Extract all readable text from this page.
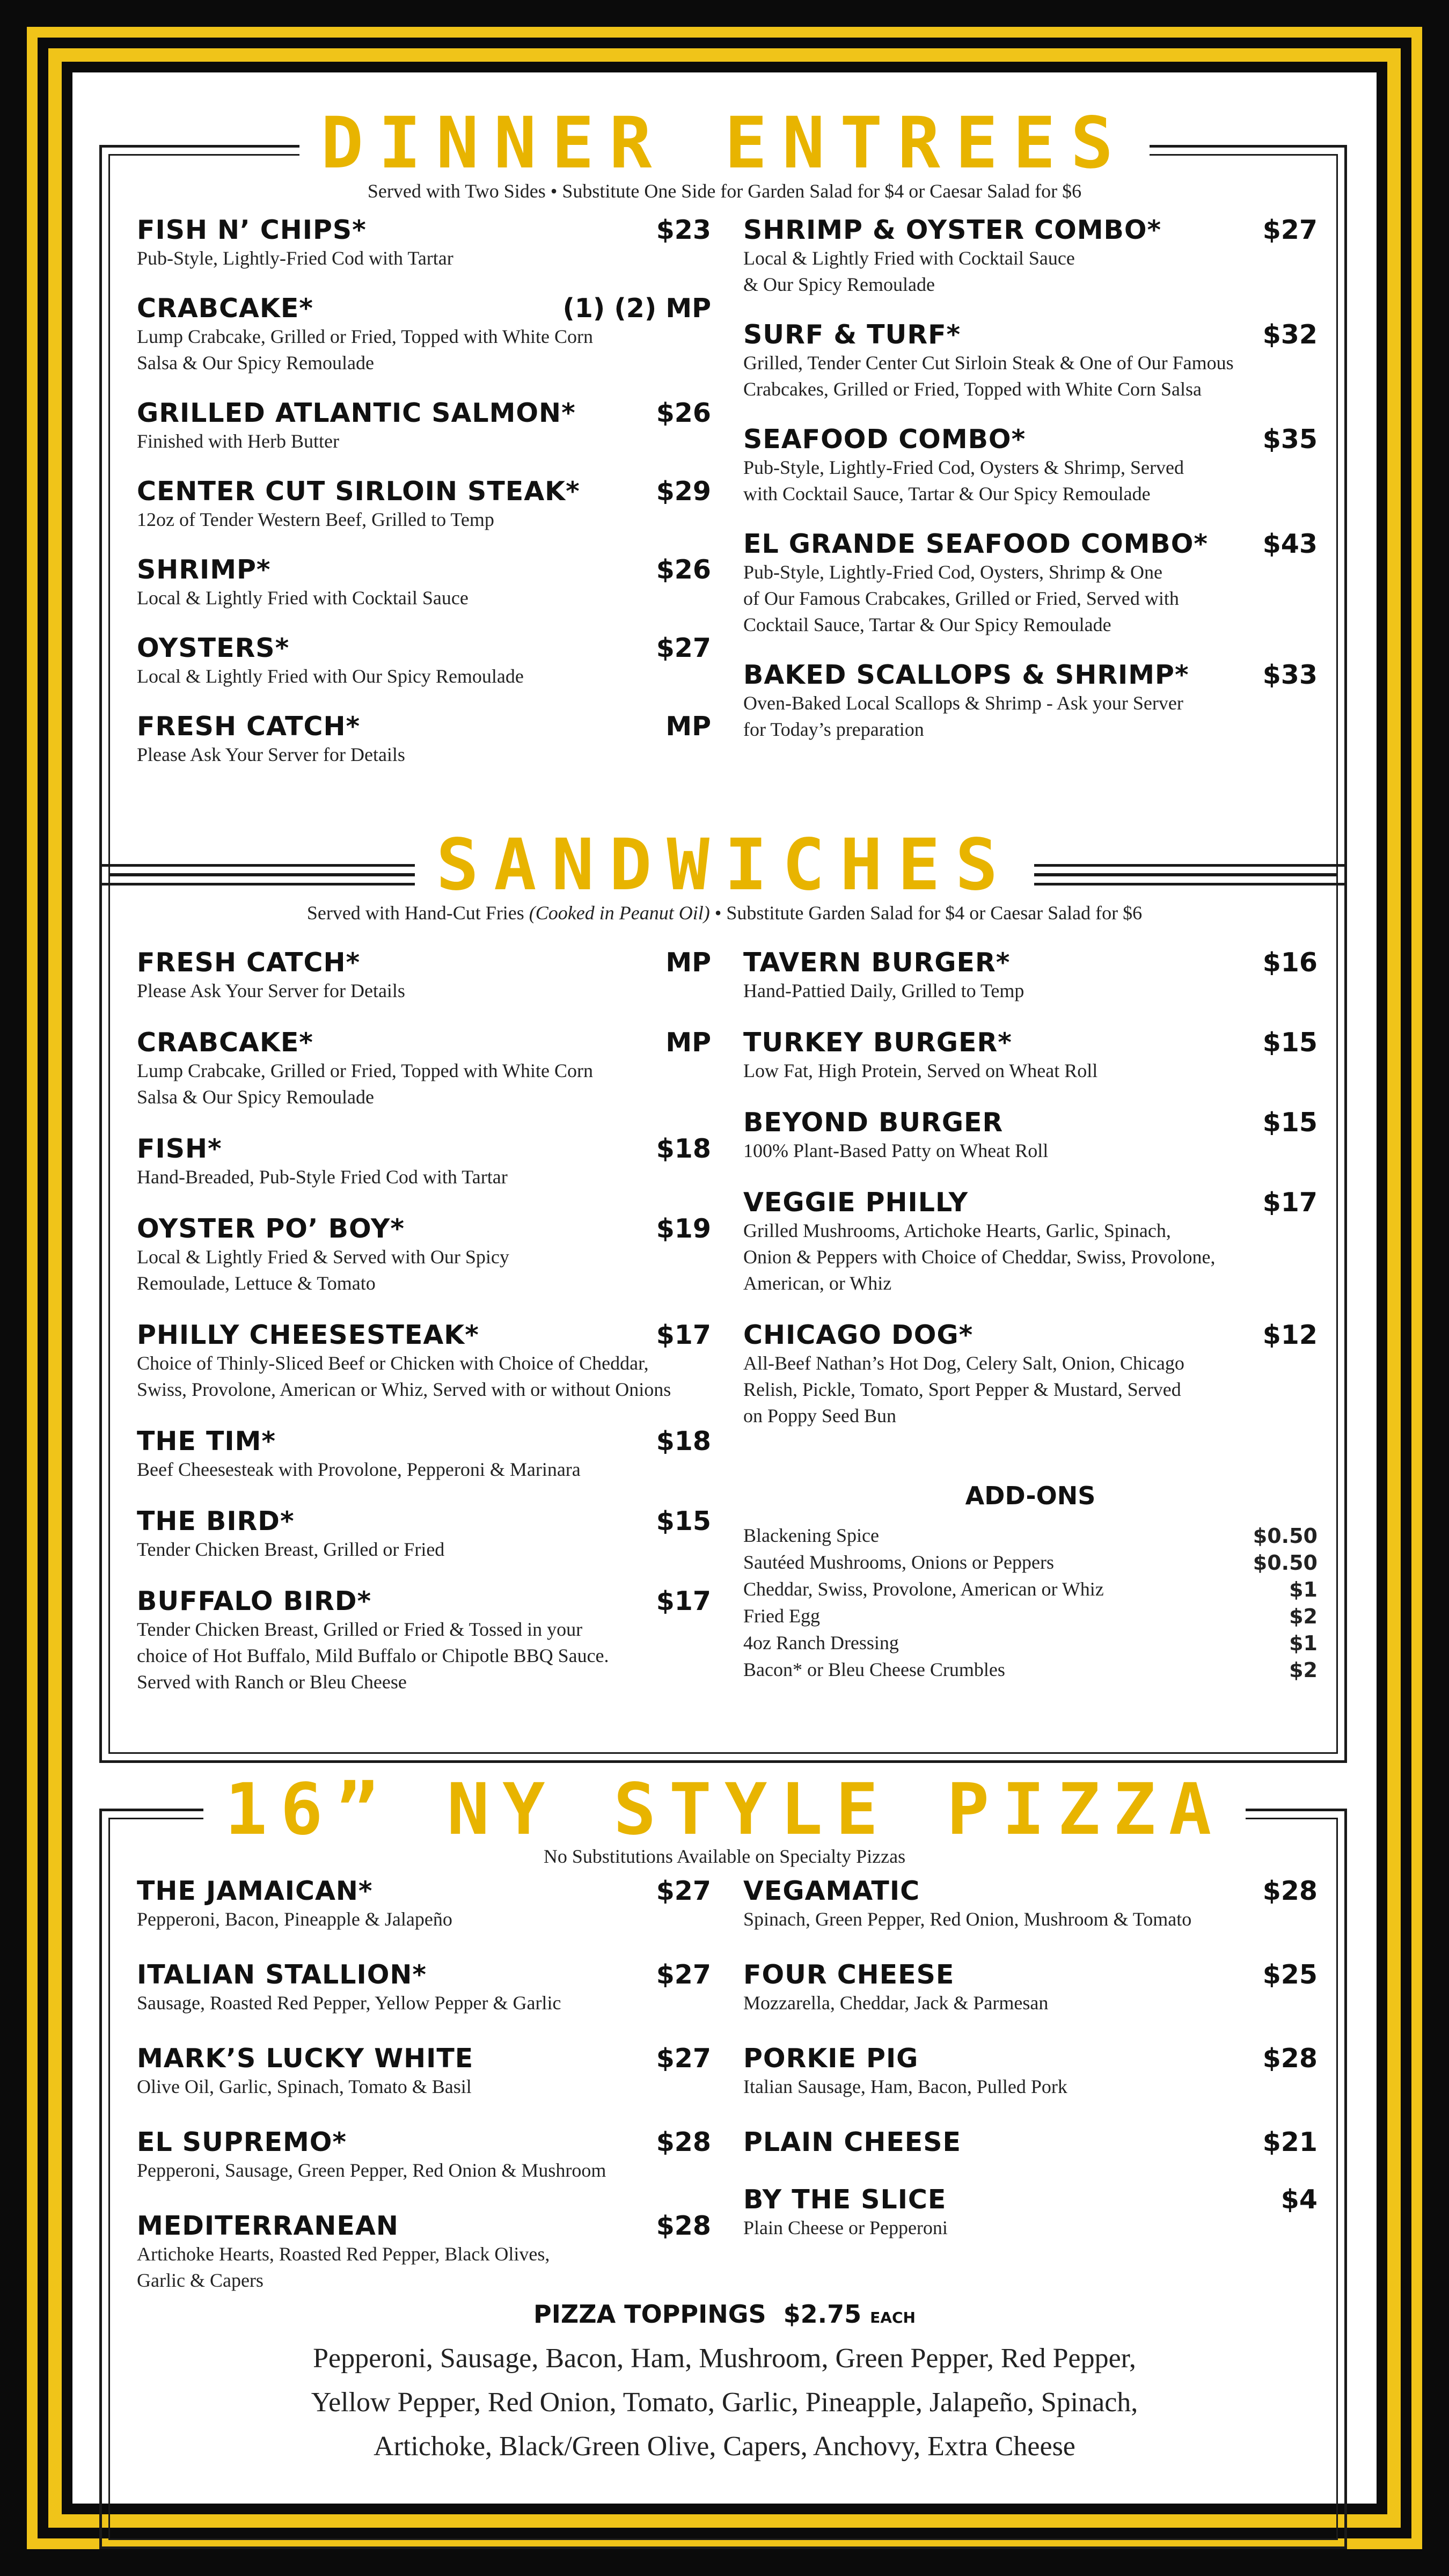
DINNER ENTREES
Served with Two Sides • Substitute One Side for Garden Salad for $4 or Caesar Salad for $6
FISH N’ CHIPS*	$23
Pub-Style, Lightly-Fried Cod with Tartar
CRABCAKE*	(1) (2) MP
Lump Crabcake, Grilled or Fried, Topped with White Corn
Salsa & Our Spicy Remoulade
GRILLED ATLANTIC SALMON*	$26
Finished with Herb Butter
CENTER CUT SIRLOIN STEAK*	$29
12oz of Tender Western Beef, Grilled to Temp
SHRIMP*	$26
Local & Lightly Fried with Cocktail Sauce
OYSTERS*	$27
Local & Lightly Fried with Our Spicy Remoulade
FRESH CATCH*	MP
Please Ask Your Server for Details
SHRIMP & OYSTER COMBO*	$27
Local & Lightly Fried with Cocktail Sauce
& Our Spicy Remoulade
SURF & TURF*	$32
Grilled, Tender Center Cut Sirloin Steak & One of Our Famous
Crabcakes, Grilled or Fried, Topped with White Corn Salsa
SEAFOOD COMBO*	$35
Pub-Style, Lightly-Fried Cod, Oysters & Shrimp, Served
with Cocktail Sauce, Tartar & Our Spicy Remoulade
EL GRANDE SEAFOOD COMBO*	$43
Pub-Style, Lightly-Fried Cod, Oysters, Shrimp & One
of Our Famous Crabcakes, Grilled or Fried, Served with
Cocktail Sauce, Tartar & Our Spicy Remoulade
BAKED SCALLOPS & SHRIMP*	$33
Oven-Baked Local Scallops & Shrimp - Ask your Server
for Today’s preparation
SANDWICHES
Served with Hand-Cut Fries (Cooked in Peanut Oil) • Substitute Garden Salad for $4 or Caesar Salad for $6
FRESH CATCH*	MP
Please Ask Your Server for Details
CRABCAKE*	MP
Lump Crabcake, Grilled or Fried, Topped with White Corn
Salsa & Our Spicy Remoulade
FISH*	$18
Hand-Breaded, Pub-Style Fried Cod with Tartar
OYSTER PO’ BOY*	$19
Local & Lightly Fried & Served with Our Spicy
Remoulade, Lettuce & Tomato
PHILLY CHEESESTEAK*	$17
Choice of Thinly-Sliced Beef or Chicken with Choice of Cheddar,
Swiss, Provolone, American or Whiz, Served with or without Onions
THE TIM*	$18
Beef Cheesesteak with Provolone, Pepperoni & Marinara
THE BIRD*	$15
Tender Chicken Breast, Grilled or Fried
BUFFALO BIRD*	$17
Tender Chicken Breast, Grilled or Fried & Tossed in your
choice of Hot Buffalo, Mild Buffalo or Chipotle BBQ Sauce.
Served with Ranch or Bleu Cheese
TAVERN BURGER*	$16
Hand-Pattied Daily, Grilled to Temp
TURKEY BURGER*	$15
Low Fat, High Protein, Served on Wheat Roll
BEYOND BURGER	$15
100% Plant-Based Patty on Wheat Roll
VEGGIE PHILLY	$17
Grilled Mushrooms, Artichoke Hearts, Garlic, Spinach,
Onion & Peppers with Choice of Cheddar, Swiss, Provolone,
American, or Whiz
CHICAGO DOG*	$12
All-Beef Nathan’s Hot Dog, Celery Salt, Onion, Chicago
Relish, Pickle, Tomato, Sport Pepper & Mustard, Served
on Poppy Seed Bun
ADD-ONS
Blackening Spice	$0.50
Sautéed Mushrooms, Onions or Peppers	$0.50
Cheddar, Swiss, Provolone, American or Whiz	$1
Fried Egg	$2
4oz Ranch Dressing	$1
Bacon* or Bleu Cheese Crumbles	$2
16” NY STYLE PIZZA
No Substitutions Available on Specialty Pizzas
THE JAMAICAN*	$27
Pepperoni, Bacon, Pineapple & Jalapeño
ITALIAN STALLION*	$27
Sausage, Roasted Red Pepper, Yellow Pepper & Garlic
MARK’S LUCKY WHITE	$27
Olive Oil, Garlic, Spinach, Tomato & Basil
EL SUPREMO*	$28
Pepperoni, Sausage, Green Pepper, Red Onion & Mushroom
MEDITERRANEAN	$28
Artichoke Hearts, Roasted Red Pepper, Black Olives,
Garlic & Capers
VEGAMATIC	$28
Spinach, Green Pepper, Red Onion, Mushroom & Tomato
FOUR CHEESE	$25
Mozzarella, Cheddar, Jack & Parmesan
PORKIE PIG	$28
Italian Sausage, Ham, Bacon, Pulled Pork
PLAIN CHEESE	$21
BY THE SLICE	$4
Plain Cheese or Pepperoni
PIZZA TOPPINGS $2.75 EACH
Pepperoni, Sausage, Bacon, Ham, Mushroom, Green Pepper, Red Pepper,
Yellow Pepper, Red Onion, Tomato, Garlic, Pineapple, Jalapeño, Spinach,
Artichoke, Black/Green Olive, Capers, Anchovy, Extra Cheese
